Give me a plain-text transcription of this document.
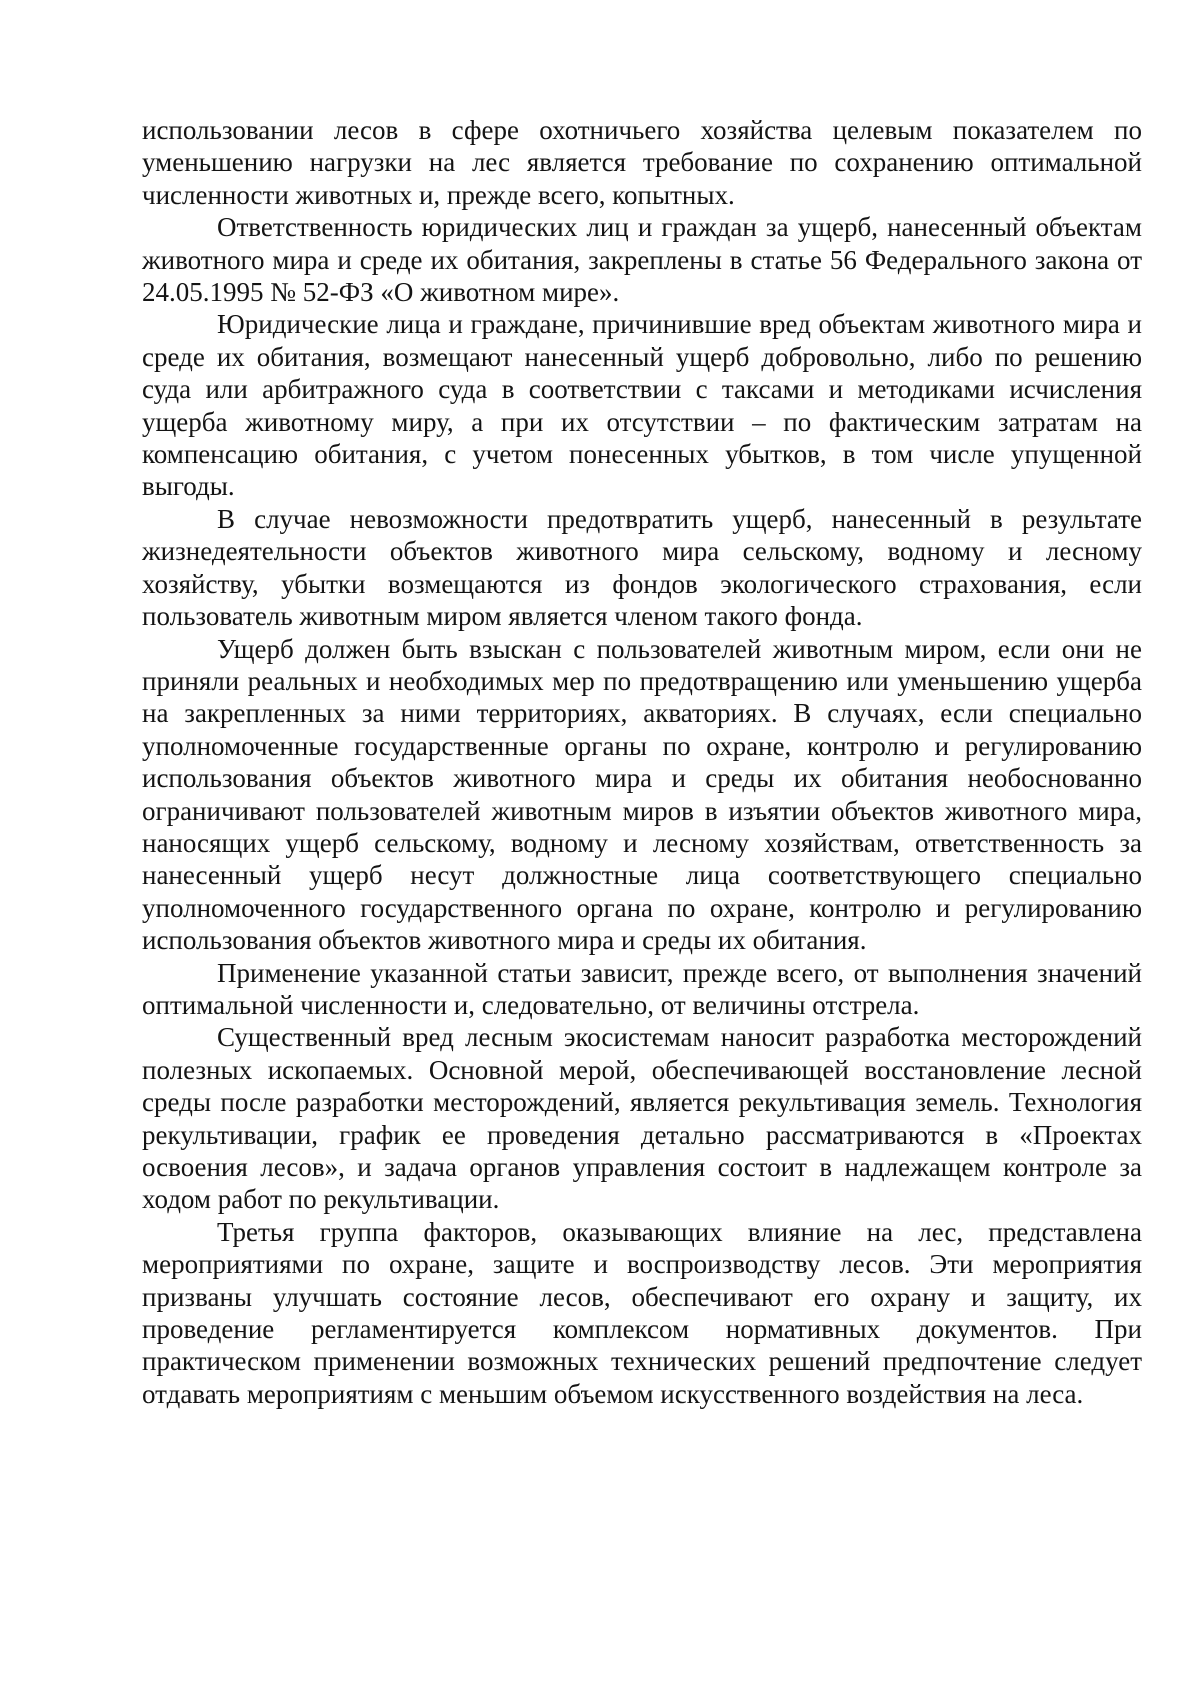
использовании лесов в сфере охотничьего хозяйства целевым показателем по уменьшению нагрузки на лес является требование по сохранению оптимальной численности животных и, прежде всего, копытных.

Ответственность юридических лиц и граждан за ущерб, нанесенный объектам животного мира и среде их обитания, закреплены в статье 56 Федерального закона от 24.05.1995 № 52-ФЗ «О животном мире».

Юридические лица и граждане, причинившие вред объектам животного мира и среде их обитания, возмещают нанесенный ущерб добровольно, либо по решению суда или арбитражного суда в соответствии с таксами и методиками исчисления ущерба животному миру, а при их отсутствии – по фактическим затратам на компенсацию обитания, с учетом понесенных убытков, в том числе упущенной выгоды.

В случае невозможности предотвратить ущерб, нанесенный в результате жизнедеятельности объектов животного мира сельскому, водному и лесному хозяйству, убытки возмещаются из фондов экологического страхования, если пользователь животным миром является членом такого фонда.

Ущерб должен быть взыскан с пользователей животным миром, если они не приняли реальных и необходимых мер по предотвращению или уменьшению ущерба на закрепленных за ними территориях, акваториях. В случаях, если специально уполномоченные государственные органы по охране, контролю и регулированию использования объектов животного мира и среды их обитания необоснованно ограничивают пользователей животным миров в изъятии объектов животного мира, наносящих ущерб сельскому, водному и лесному хозяйствам, ответственность за нанесенный ущерб несут должностные лица соответствующего специально уполномоченного государственного органа по охране, контролю и регулированию использования объектов животного мира и среды их обитания.

Применение указанной статьи зависит, прежде всего, от выполнения значений оптимальной численности и, следовательно, от величины отстрела.

Существенный вред лесным экосистемам наносит разработка месторождений полезных ископаемых. Основной мерой, обеспечивающей восстановление лесной среды после разработки месторождений, является рекультивация земель. Технология рекультивации, график ее проведения детально рассматриваются в «Проектах освоения лесов», и задача органов управления состоит в надлежащем контроле за ходом работ по рекультивации.

Третья группа факторов, оказывающих влияние на лес, представлена мероприятиями по охране, защите и воспроизводству лесов. Эти мероприятия призваны улучшать состояние лесов, обеспечивают его охрану и защиту, их проведение регламентируется комплексом нормативных документов. При практическом применении возможных технических решений предпочтение следует отдавать мероприятиям с меньшим объемом искусственного воздействия на леса.
